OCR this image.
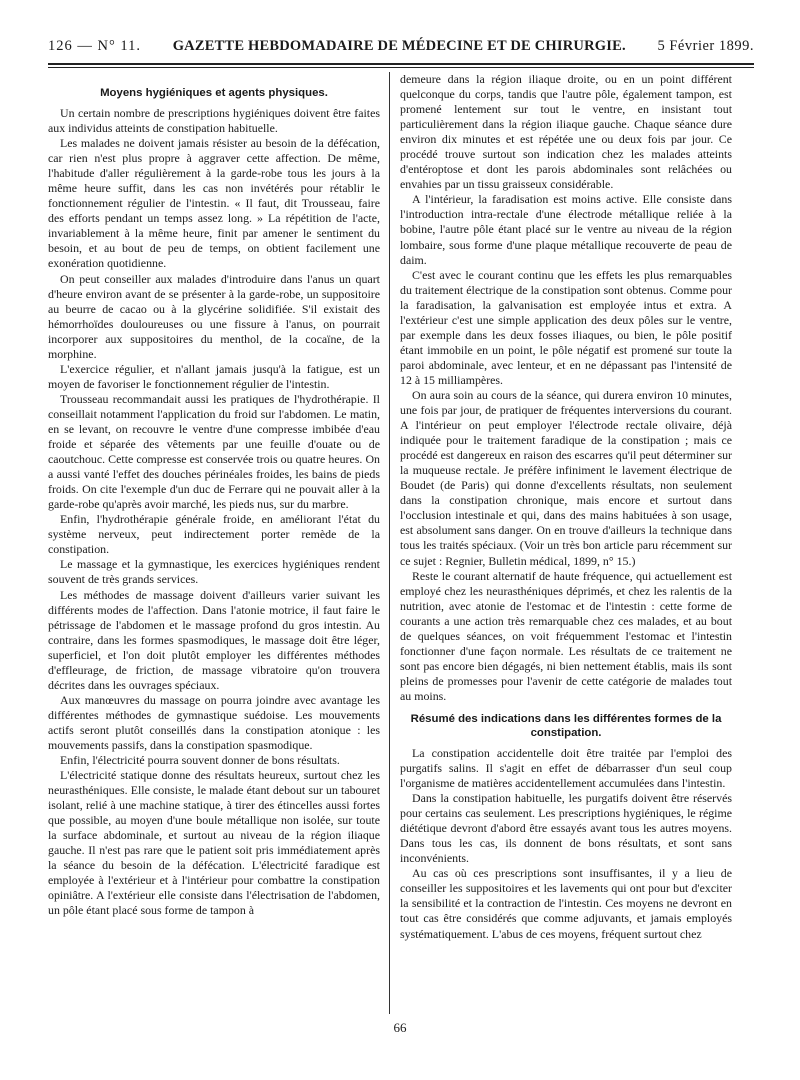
126 — N° 11. GAZETTE HEBDOMADAIRE DE MÉDECINE ET DE CHIRURGIE. 5 Février 1899.
Moyens hygiéniques et agents physiques.

Un certain nombre de prescriptions hygiéniques doivent être faites aux individus atteints de constipation habituelle.

Les malades ne doivent jamais résister au besoin de la défécation, car rien n'est plus propre à aggraver cette affection. De même, l'habitude d'aller régulièrement à la garde-robe tous les jours à la même heure suffit, dans les cas non invétérés pour rétablir le fonctionnement régulier de l'intestin. « Il faut, dit Trousseau, faire des efforts pendant un temps assez long. » La répétition de l'acte, invariablement à la même heure, finit par amener le sentiment du besoin, et au bout de peu de temps, on obtient facilement une exonération quotidienne.

On peut conseiller aux malades d'introduire dans l'anus un quart d'heure environ avant de se présenter à la garde-robe, un suppositoire au beurre de cacao ou à la glycérine solidifiée. S'il existait des hémorrhoïdes douloureuses ou une fissure à l'anus, on pourrait incorporer aux suppositoires du menthol, de la cocaïne, de la morphine.

L'exercice régulier, et n'allant jamais jusqu'à la fatigue, est un moyen de favoriser le fonctionnement régulier de l'intestin.

Trousseau recommandait aussi les pratiques de l'hydrothérapie. Il conseillait notamment l'application du froid sur l'abdomen. Le matin, en se levant, on recouvre le ventre d'une compresse imbibée d'eau froide et séparée des vêtements par une feuille d'ouate ou de caoutchouc. Cette compresse est conservée trois ou quatre heures. On a aussi vanté l'effet des douches périnéales froides, les bains de pieds froids. On cite l'exemple d'un duc de Ferrare qui ne pouvait aller à la garde-robe qu'après avoir marché, les pieds nus, sur du marbre.

Enfin, l'hydrothérapie générale froide, en améliorant l'état du système nerveux, peut indirectement porter remède de la constipation.

Le massage et la gymnastique, les exercices hygiéniques rendent souvent de très grands services.

Les méthodes de massage doivent d'ailleurs varier suivant les différents modes de l'affection. Dans l'atonie motrice, il faut faire le pétrissage de l'abdomen et le massage profond du gros intestin. Au contraire, dans les formes spasmodiques, le massage doit être léger, superficiel, et l'on doit plutôt employer les différentes méthodes d'effleurage, de friction, de massage vibratoire qu'on trouvera décrites dans les ouvrages spéciaux.

Aux manœuvres du massage on pourra joindre avec avantage les différentes méthodes de gymnastique suédoise. Les mouvements actifs seront plutôt conseillés dans la constipation atonique : les mouvements passifs, dans la constipation spasmodique.

Enfin, l'électricité pourra souvent donner de bons résultats.

L'électricité statique donne des résultats heureux, surtout chez les neurasthéniques. Elle consiste, le malade étant debout sur un tabouret isolant, relié à une machine statique, à tirer des étincelles aussi fortes que possible, au moyen d'une boule métallique non isolée, sur toute la surface abdominale, et surtout au niveau de la région iliaque gauche. Il n'est pas rare que le patient soit pris immédiatement après la séance du besoin de la défécation. L'électricité faradique est employée à l'extérieur et à l'intérieur pour combattre la constipation opiniâtre. A l'extérieur elle consiste dans l'électrisation de l'abdomen, un pôle étant placé sous forme de tampon à

demeure dans la région iliaque droite, ou en un point différent quelconque du corps, tandis que l'autre pôle, également tampon, est promené lentement sur tout le ventre, en insistant tout particulièrement dans la région iliaque gauche. Chaque séance dure environ dix minutes et est répétée une ou deux fois par jour. Ce procédé trouve surtout son indication chez les malades atteints d'entéroptose et dont les parois abdominales sont relâchées ou envahies par un tissu graisseux considérable.

A l'intérieur, la faradisation est moins active. Elle consiste dans l'introduction intra-rectale d'une électrode métallique reliée à la bobine, l'autre pôle étant placé sur le ventre au niveau de la région lombaire, sous forme d'une plaque métallique recouverte de peau de daim.

C'est avec le courant continu que les effets les plus remarquables du traitement électrique de la constipation sont obtenus. Comme pour la faradisation, la galvanisation est employée intus et extra. A l'extérieur c'est une simple application des deux pôles sur le ventre, par exemple dans les deux fosses iliaques, ou bien, le pôle positif étant immobile en un point, le pôle négatif est promené sur toute la paroi abdominale, avec lenteur, et en ne dépassant pas l'intensité de 12 à 15 milliampères.

On aura soin au cours de la séance, qui durera environ 10 minutes, une fois par jour, de pratiquer de fréquentes interversions du courant. A l'intérieur on peut employer l'électrode rectale olivaire, déjà indiquée pour le traitement faradique de la constipation ; mais ce procédé est dangereux en raison des escarres qu'il peut déterminer sur la muqueuse rectale. Je préfère infiniment le lavement électrique de Boudet (de Paris) qui donne d'excellents résultats, non seulement dans la constipation chronique, mais encore et surtout dans l'occlusion intestinale et qui, dans des mains habituées à son usage, est absolument sans danger. On en trouve d'ailleurs la technique dans tous les traités spéciaux. (Voir un très bon article paru récemment sur ce sujet : Regnier, Bulletin médical, 1899, n° 15.)

Reste le courant alternatif de haute fréquence, qui actuellement est employé chez les neurasthéniques déprimés, et chez les ralentis de la nutrition, avec atonie de l'estomac et de l'intestin : cette forme de courants a une action très remarquable chez ces malades, et au bout de quelques séances, on voit fréquemment l'estomac et l'intestin fonctionner d'une façon normale. Les résultats de ce traitement ne sont pas encore bien dégagés, ni bien nettement établis, mais ils sont pleins de promesses pour l'avenir de cette catégorie de malades tout au moins.

Résumé des indications dans les différentes formes de la constipation.

La constipation accidentelle doit être traitée par l'emploi des purgatifs salins. Il s'agit en effet de débarrasser d'un seul coup l'organisme de matières accidentellement accumulées dans l'intestin.

Dans la constipation habituelle, les purgatifs doivent être réservés pour certains cas seulement. Les prescriptions hygiéniques, le régime diététique devront d'abord être essayés avant tous les autres moyens. Dans tous les cas, ils donnent de bons résultats, et sont sans inconvénients.

Au cas où ces prescriptions sont insuffisantes, il y a lieu de conseiller les suppositoires et les lavements qui ont pour but d'exciter la sensibilité et la contraction de l'intestin. Ces moyens ne devront en tout cas être considérés que comme adjuvants, et jamais employés systématiquement. L'abus de ces moyens, fréquent surtout chez

66
